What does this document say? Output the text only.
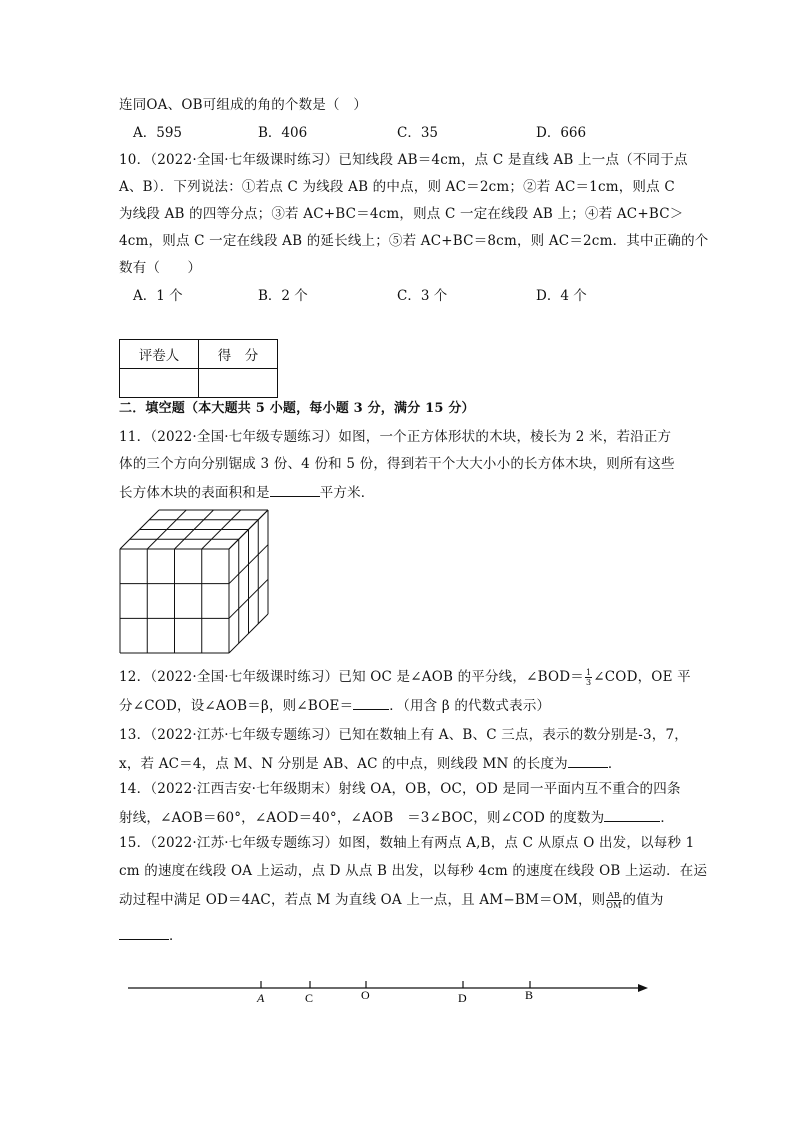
连同OA、OB可组成的角的个数是（　）
A．595	B．406	C．35	D．666
10．（2022·全国·七年级课时练习）已知线段 AB＝4cm，点 C 是直线 AB 上一点（不同于点
A、B）．下列说法：①若点 C 为线段 AB 的中点，则 AC＝2cm；②若 AC＝1cm，则点 C
为线段 AB 的四等分点；③若 AC+BC＝4cm，则点 C 一定在线段 AB 上；④若 AC+BC＞
4cm，则点 C 一定在线段 AB 的延长线上；⑤若 AC+BC＝8cm，则 AC＝2cm．其中正确的个
数有（　　）
A．1 个	B．2 个	C．3 个	D．4 个
评卷人	得　分

二．填空题（本大题共 5 小题，每小题 3 分，满分 15 分）
11．（2022·全国·七年级专题练习）如图，一个正方体形状的木块，棱长为 2 米，若沿正方
体的三个方向分别锯成 3 份、4 份和 5 份，得到若干个大大小小的长方体木块，则所有这些
长方体木块的表面积和是	平方米．
12．（2022·全国·七年级课时练习）已知 OC 是∠AOB 的平分线，∠BOD＝ $\frac{1}{3}$ ∠COD，OE 平
分∠COD，设∠AOB＝β，则∠BOE＝	．（用含 β 的代数式表示）
13．（2022·江苏·七年级专题练习）已知在数轴上有 A、B、C 三点，表示的数分别是-3，7，
x，若 AC＝4，点 M、N 分别是 AB、AC 的中点，则线段 MN 的长度为	．
14．（2022·江西吉安·七年级期末）射线 OA，OB，OC，OD 是同一平面内互不重合的四条
射线，∠AOB＝60°，∠AOD＝40°，∠AOB　＝3∠BOC，则∠COD 的度数为	．
15．（2022·江苏·七年级专题练习）如图，数轴上有两点 A,B，点 C 从原点 O 出发，以每秒 1
cm 的速度在线段 OA 上运动，点 D 从点 B 出发，以每秒 4cm 的速度在线段 OB 上运动．在运
动过程中满足 OD＝4AC，若点 M 为直线 OA 上一点，且 AM−BM＝OM，则 $\frac{AB}{OM}$ 的值为
．
A	C	O	D	B
